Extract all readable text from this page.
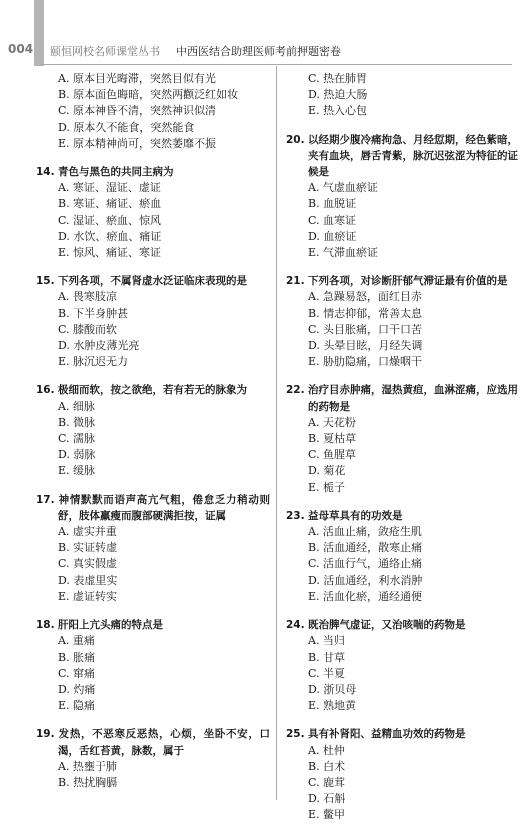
004 颐恒网校名师课堂丛书 中西医结合助理医师考前押题密卷
A. 原本目光晦滞，突然目似有光
B. 原本面色晦暗，突然两颧泛红如妆
C. 原本神昏不清，突然神识似清
D. 原本久不能食，突然能食
E. 原本精神尚可，突然萎靡不振
14. 青色与黑色的共同主病为
A. 寒证、湿证、虚证
B. 寒证、痛证、瘀血
C. 湿证、瘀血、惊风
D. 水饮、瘀血、痛证
E. 惊风、痛证、寒证
15. 下列各项，不属肾虚水泛证临床表现的是
A. 畏寒肢凉B. 下半身肿甚 C. 膝酸而软D. 水肿皮薄光亮
E. 脉沉迟无力
16. 极细而软，按之欲绝，若有若无的脉象为
A. 细脉B. 微脉 C. 濡脉D. 弱脉
E. 缓脉
17. 神情默默而语声高亢气粗，倦怠乏力稍动则舒，肢体羸瘦而腹部硬满拒按，证属
A. 虚实并重B. 实证转虚 C. 真实假虚D. 表虚里实
E. 虚证转实
18. 肝阳上亢头痛的特点是
A. 重痛B. 胀痛 C. 窜痛D. 灼痛
E. 隐痛
19. 发热，不恶寒反恶热，心烦，坐卧不安，口渴，舌红苔黄，脉数，属于
A. 热壅于肺B. 热扰胸膈
C. 热在肺胃D. 热迫大肠
E. 热入心包
20. 以经期少腹冷痛拘急、月经愆期，经色紫暗，夹有血块，唇舌青紫，脉沉迟弦涩为特征的证候是
A. 气虚血瘀证B. 血脱证 C. 血寒证D. 血瘀证
E. 气滞血瘀证
21. 下列各项，对诊断肝郁气滞证最有价值的是
A. 急躁易怒，面红目赤
B. 情志抑郁，常善太息
C. 头目胀痛，口干口苦
D. 头晕目眩，月经失调
E. 胁肋隐痛，口燥咽干
22. 治疗目赤肿痛，湿热黄疸，血淋涩痛，应选用的药物是
A. 天花粉B. 夏枯草 C. 鱼腥草D. 菊花
E. 栀子
23. 益母草具有的功效是
A. 活血止痛，敛疮生肌
B. 活血通经，散寒止痛
C. 活血行气，通络止痛
D. 活血通经，利水消肿
E. 活血化瘀，通经通便
24. 既治脾气虚证，又治咳喘的药物是
A. 当归B. 甘草 C. 半夏D. 浙贝母
E. 熟地黄
25. 具有补肾阳、益精血功效的药物是
A. 杜仲B. 白术 C. 鹿茸D. 石斛
E. 鳖甲
